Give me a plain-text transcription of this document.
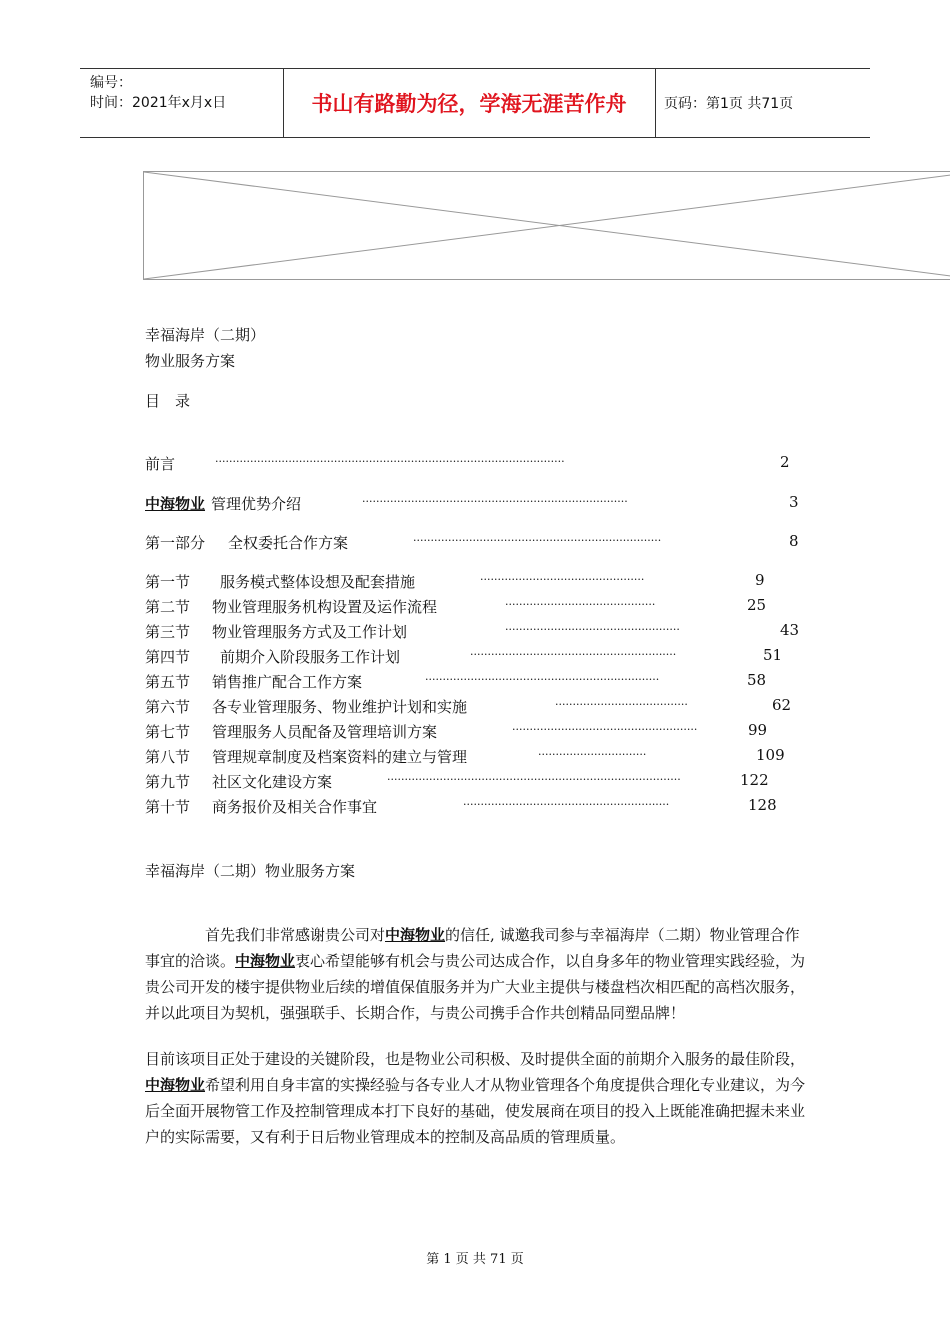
编号：
时间：2021年x月x日	书山有路勤为径，学海无涯苦作舟	页码：第1页 共71页
幸福海岸（二期）
物业服务方案
目　录
前言	····································································································	2
中海物业 管理优势介绍	············································································	3
第一部分 全权委托合作方案	·······································································	8
第一节 服务模式整体设想及配套措施	···············································	9
第二节 物业管理服务机构设置及运作流程	···········································	25
第三节 物业管理服务方式及工作计划	··················································	43
第四节 前期介入阶段服务工作计划	···························································	51
第五节 销售推广配合工作方案	···································································	58
第六节 各专业管理服务、物业维护计划和实施	······································	62
第七节 管理服务人员配备及管理培训方案	·····················································	99
第八节 管理规章制度及档案资料的建立与管理	·······························	109
第九节 社区文化建设方案	····················································································	122
第十节 商务报价及相关合作事宜	···························································	128
幸福海岸（二期）物业服务方案
首先我们非常感谢贵公司对中海物业的信任, 诚邀我司参与幸福海岸（二期）物业管理合作事宜的洽谈。中海物业衷心希望能够有机会与贵公司达成合作，以自身多年的物业管理实践经验，为贵公司开发的楼宇提供物业后续的增值保值服务并为广大业主提供与楼盘档次相匹配的高档次服务，并以此项目为契机，强强联手、长期合作，与贵公司携手合作共创精品同塑品牌！
目前该项目正处于建设的关键阶段，也是物业公司积极、及时提供全面的前期介入服务的最佳阶段，中海物业希望利用自身丰富的实操经验与各专业人才从物业管理各个角度提供合理化专业建议，为今后全面开展物管工作及控制管理成本打下良好的基础，使发展商在项目的投入上既能准确把握未来业户的实际需要，又有利于日后物业管理成本的控制及高品质的管理质量。
第 1 页 共 71 页
